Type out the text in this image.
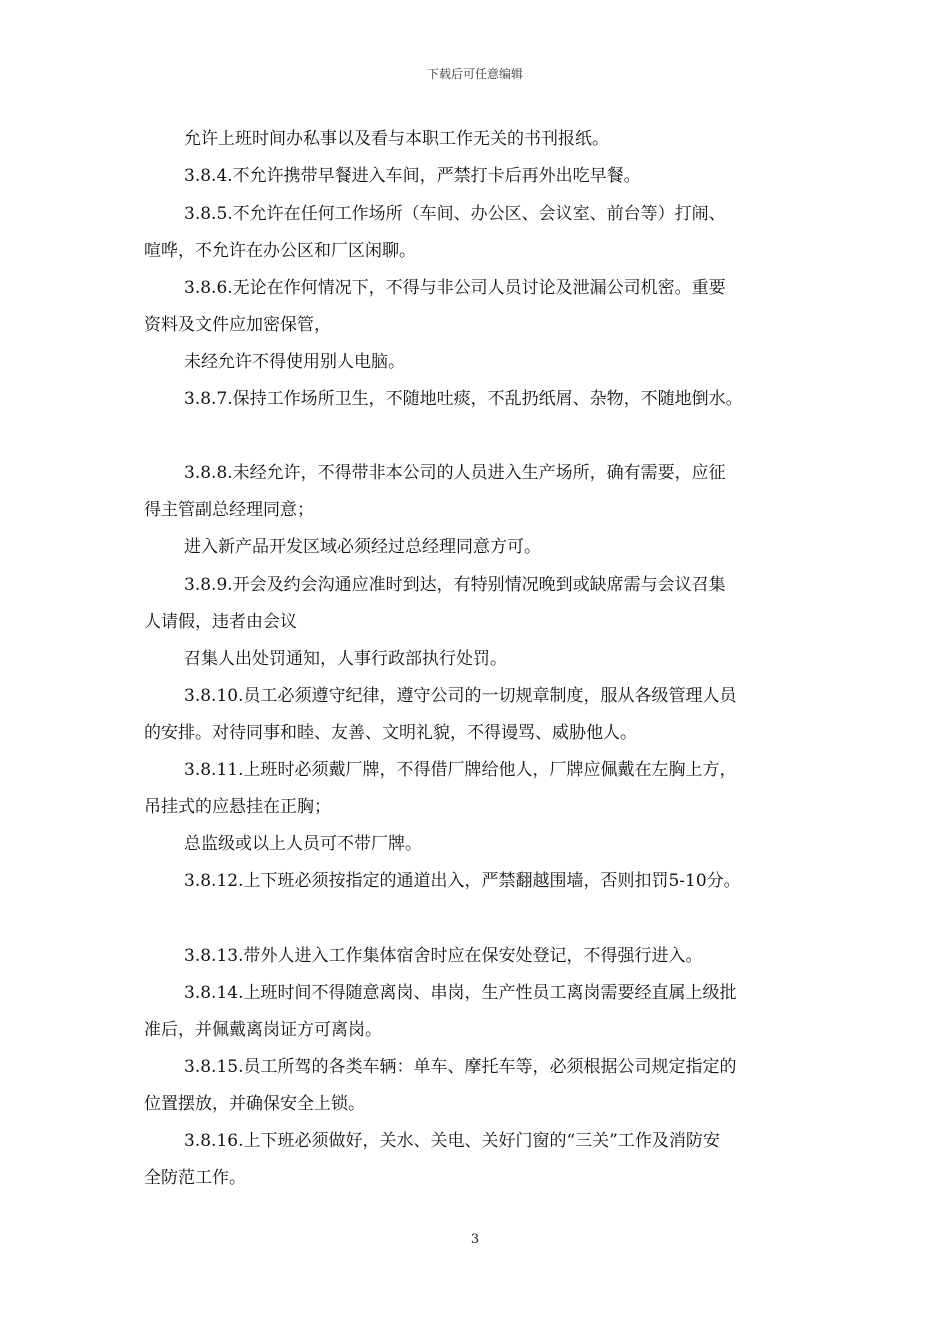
下载后可任意编辑
允许上班时间办私事以及看与本职工作无关的书刊报纸。
3.8.4.不允许携带早餐进入车间，严禁打卡后再外出吃早餐。
3.8.5.不允许在任何工作场所（车间、办公区、会议室、前台等）打闹、
喧哗，不允许在办公区和厂区闲聊。
3.8.6.无论在作何情况下，不得与非公司人员讨论及泄漏公司机密。重要
资料及文件应加密保管，
未经允许不得使用别人电脑。
3.8.7.保持工作场所卫生，不随地吐痰，不乱扔纸屑、杂物，不随地倒水。
3.8.8.未经允许，不得带非本公司的人员进入生产场所，确有需要，应征
得主管副总经理同意；
进入新产品开发区域必须经过总经理同意方可。
3.8.9.开会及约会沟通应准时到达，有特别情况晚到或缺席需与会议召集
人请假，违者由会议
召集人出处罚通知，人事行政部执行处罚。
3.8.10.员工必须遵守纪律，遵守公司的一切规章制度，服从各级管理人员
的安排。对待同事和睦、友善、文明礼貌，不得谩骂、威胁他人。
3.8.11.上班时必须戴厂牌，不得借厂牌给他人，厂牌应佩戴在左胸上方，
吊挂式的应悬挂在正胸；
总监级或以上人员可不带厂牌。
3.8.12.上下班必须按指定的通道出入，严禁翻越围墙，否则扣罚5-10分。
3.8.13.带外人进入工作集体宿舍时应在保安处登记，不得强行进入。
3.8.14.上班时间不得随意离岗、串岗，生产性员工离岗需要经直属上级批
准后，并佩戴离岗证方可离岗。
3.8.15.员工所驾的各类车辆：单车、摩托车等，必须根据公司规定指定的
位置摆放，并确保安全上锁。
3.8.16.上下班必须做好，关水、关电、关好门窗的“三关”工作及消防安
全防范工作。
3
